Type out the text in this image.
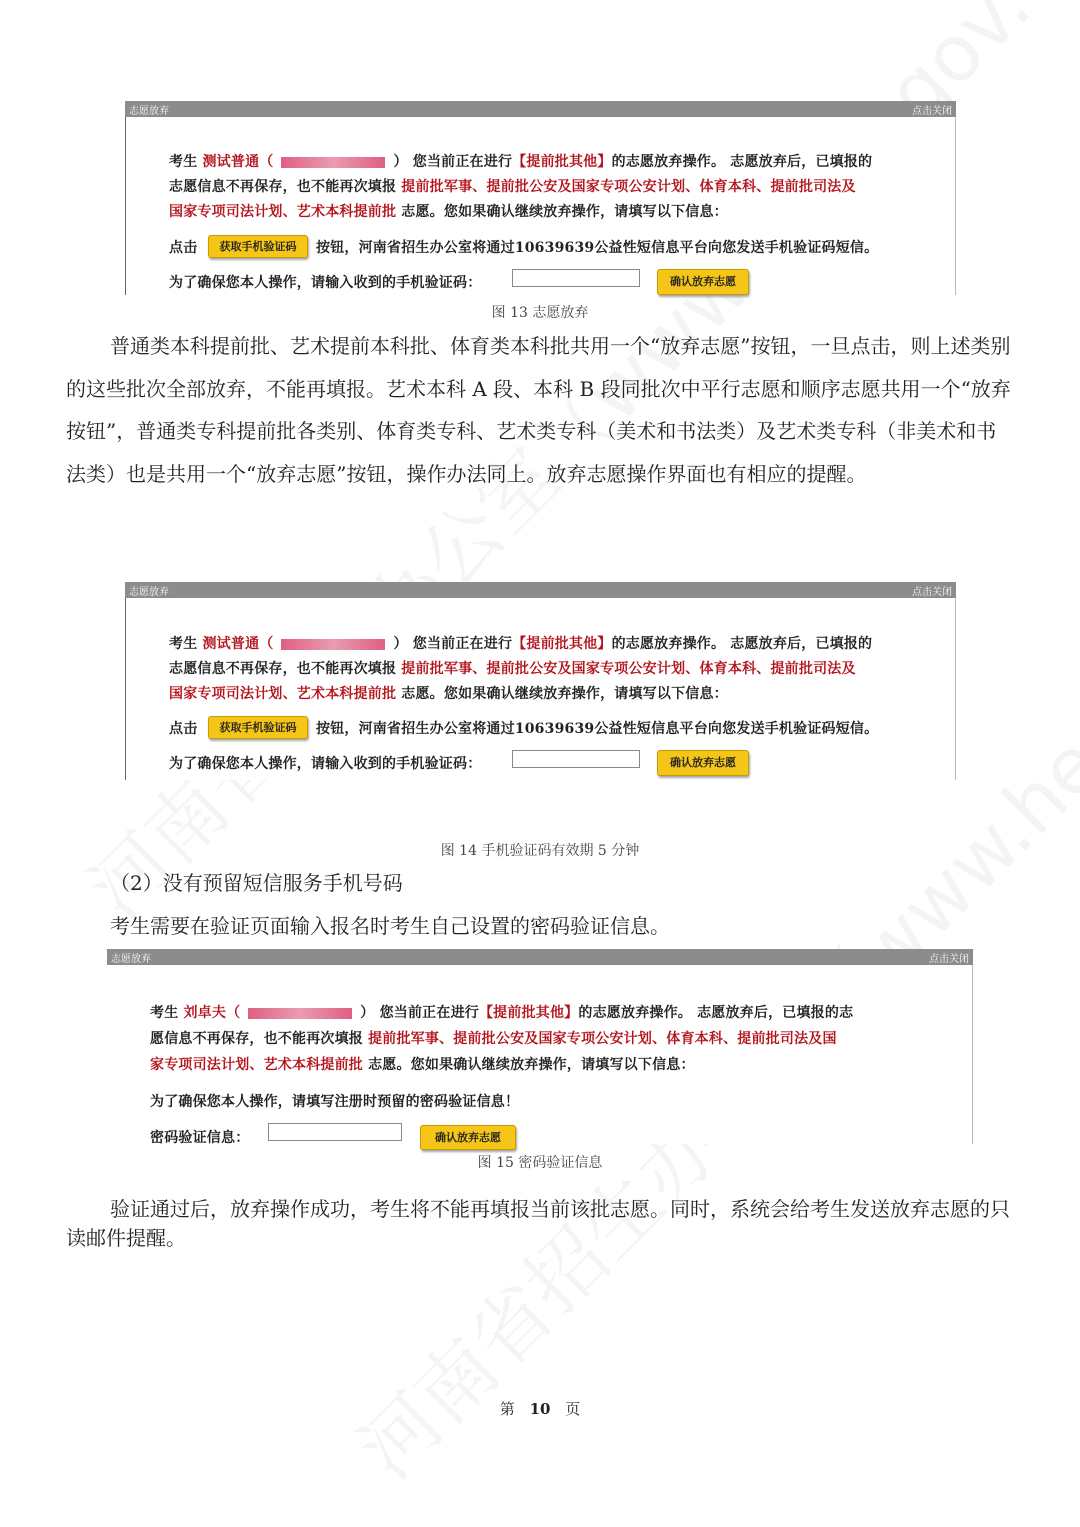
志愿放弃	点击关闭
考生 测试普通（	） 您当前正在进行【提前批其他】的志愿放弃操作。 志愿放弃后，已填报的
志愿信息不再保存，也不能再次填报 提前批军事、提前批公安及国家专项公安计划、体育本科、提前批司法及
国家专项司法计划、艺术本科提前批 志愿。您如果确认继续放弃操作，请填写以下信息：
点击	获取手机验证码	按钮，河南省招生办公室将通过10639639公益性短信息平台向您发送手机验证码短信。
为了确保您本人操作，请输入收到的手机验证码：	确认放弃志愿
图 13 志愿放弃
普通类本科提前批、艺术提前本科批、体育类本科批共用一个“放弃志愿”按钮，一旦点击，则上述类别的这些批次全部放弃，不能再填报。艺术本科 A 段、本科 B 段同批次中平行志愿和顺序志愿共用一个“放弃按钮”，普通类专科提前批各类别、体育类专科、艺术类专科（美术和书法类）及艺术类专科（非美术和书法类）也是共用一个“放弃志愿”按钮，操作办法同上。放弃志愿操作界面也有相应的提醒。
志愿放弃	点击关闭
考生 测试普通（	） 您当前正在进行【提前批其他】的志愿放弃操作。 志愿放弃后，已填报的
志愿信息不再保存，也不能再次填报 提前批军事、提前批公安及国家专项公安计划、体育本科、提前批司法及
国家专项司法计划、艺术本科提前批 志愿。您如果确认继续放弃操作，请填写以下信息：
点击	获取手机验证码	按钮，河南省招生办公室将通过10639639公益性短信息平台向您发送手机验证码短信。
为了确保您本人操作，请输入收到的手机验证码：	确认放弃志愿
图 14 手机验证码有效期 5 分钟
（2）没有预留短信服务手机号码
考生需要在验证页面输入报名时考生自己设置的密码验证信息。
志愿放弃	点击关闭
考生 刘卓夫（	） 您当前正在进行【提前批其他】的志愿放弃操作。 志愿放弃后，已填报的志
愿信息不再保存，也不能再次填报 提前批军事、提前批公安及国家专项公安计划、体育本科、提前批司法及国
家专项司法计划、艺术本科提前批 志愿。您如果确认继续放弃操作，请填写以下信息：
为了确保您本人操作，请填写注册时预留的密码验证信息！
密码验证信息：	确认放弃志愿
图 15 密码验证信息
验证通过后，放弃操作成功，考生将不能再填报当前该批志愿。同时，系统会给考生发送放弃志愿的只读邮件提醒。
第 10 页
